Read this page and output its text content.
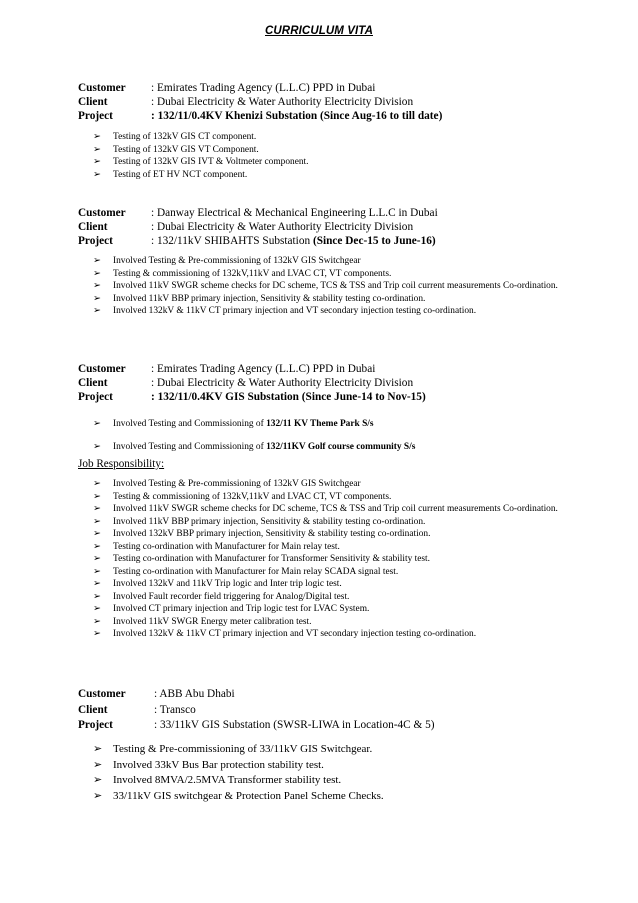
CURRICULUM VITA
Customer : Emirates Trading Agency (L.L.C) PPD in Dubai
Client	: Dubai Electricity & Water Authority Electricity Division
Project	: 132/11/0.4KV Khenizi Substation (Since Aug-16 to till date)
➢ Testing of 132kV GIS CT component.
➢ Testing of 132kV GIS VT Component.
➢ Testing of 132kV GIS IVT & Voltmeter component.
➢ Testing of ET HV NCT component.
Customer : Danway Electrical & Mechanical Engineering L.L.C in Dubai
Client	: Dubai Electricity & Water Authority Electricity Division
Project	: 132/11kV SHIBAHTS Substation (Since Dec-15 to June-16)
➢ Involved Testing & Pre-commissioning of 132kV GIS Switchgear
➢ Testing & commissioning of 132kV,11kV and LVAC CT, VT components.
➢ Involved 11kV SWGR scheme checks for DC scheme, TCS & TSS and Trip coil current measurements Co-ordination.
➢ Involved 11kV BBP primary injection, Sensitivity & stability testing co-ordination.
➢ Involved 132kV & 11kV CT primary injection and VT secondary injection testing co-ordination.
Customer : Emirates Trading Agency (L.L.C) PPD in Dubai
Client	: Dubai Electricity & Water Authority Electricity Division
Project	: 132/11/0.4KV GIS Substation (Since June-14 to Nov-15)
➢ Involved Testing and Commissioning of 132/11 KV Theme Park S/s
➢ Involved Testing and Commissioning of 132/11KV Golf course community S/s
Job Responsibility:
➢ Involved Testing & Pre-commissioning of 132kV GIS Switchgear
➢ Testing & commissioning of 132kV,11kV and LVAC CT, VT components.
➢ Involved 11kV SWGR scheme checks for DC scheme, TCS & TSS and Trip coil current measurements Co-ordination.
➢ Involved 11kV BBP primary injection, Sensitivity & stability testing co-ordination.
➢ Involved 132kV BBP primary injection, Sensitivity & stability testing co-ordination.
➢ Testing co-ordination with Manufacturer for Main relay test.
➢ Testing co-ordination with Manufacturer for Transformer Sensitivity & stability test.
➢ Testing co-ordination with Manufacturer for Main relay SCADA signal test.
➢ Involved 132kV and 11kV Trip logic and Inter trip logic test.
➢ Involved Fault recorder field triggering for Analog/Digital test.
➢ Involved CT primary injection and Trip logic test for LVAC System.
➢ Involved 11kV SWGR Energy meter calibration test.
➢ Involved 132kV & 11kV CT primary injection and VT secondary injection testing co-ordination.
Customer	: ABB Abu Dhabi
Client	: Transco
Project	: 33/11kV GIS Substation (SWSR-LIWA in Location-4C & 5)
➢ Testing & Pre-commissioning of 33/11kV GIS Switchgear.
➢ Involved 33kV Bus Bar protection stability test.
➢ Involved 8MVA/2.5MVA Transformer stability test.
➢ 33/11kV GIS switchgear & Protection Panel Scheme Checks.
